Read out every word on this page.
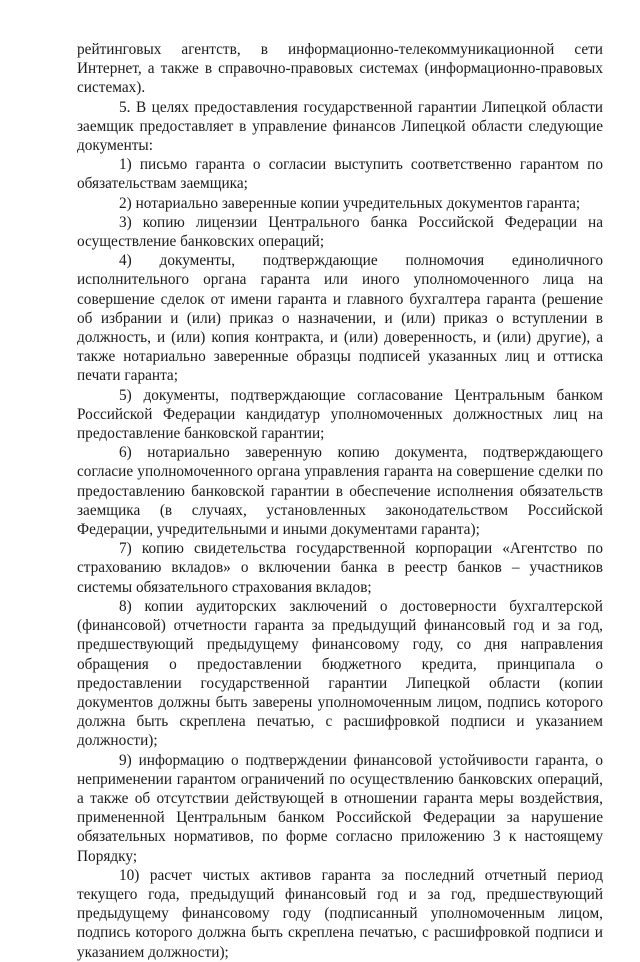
рейтинговых агентств, в информационно-телекоммуникационной сети Интернет, а также в справочно-правовых системах (информационно-правовых системах).

5. В целях предоставления государственной гарантии Липецкой области заемщик предоставляет в управление финансов Липецкой области следующие документы:

1) письмо гаранта о согласии выступить соответственно гарантом по обязательствам заемщика;

2) нотариально заверенные копии учредительных документов гаранта;

3) копию лицензии Центрального банка Российской Федерации на осуществление банковских операций;

4) документы, подтверждающие полномочия единоличного исполнительного органа гаранта или иного уполномоченного лица на совершение сделок от имени гаранта и главного бухгалтера гаранта (решение об избрании и (или) приказ о назначении, и (или) приказ о вступлении в должность, и (или) копия контракта, и (или) доверенность, и (или) другие), а также нотариально заверенные образцы подписей указанных лиц и оттиска печати гаранта;

5) документы, подтверждающие согласование Центральным банком Российской Федерации кандидатур уполномоченных должностных лиц на предоставление банковской гарантии;

6) нотариально заверенную копию документа, подтверждающего согласие уполномоченного органа управления гаранта на совершение сделки по предоставлению банковской гарантии в обеспечение исполнения обязательств заемщика (в случаях, установленных законодательством Российской Федерации, учредительными и иными документами гаранта);

7) копию свидетельства государственной корпорации «Агентство по страхованию вкладов» о включении банка в реестр банков – участников системы обязательного страхования вкладов;

8) копии аудиторских заключений о достоверности бухгалтерской (финансовой) отчетности гаранта за предыдущий финансовый год и за год, предшествующий предыдущему финансовому году, со дня направления обращения о предоставлении бюджетного кредита, принципала о предоставлении государственной гарантии Липецкой области (копии документов должны быть заверены уполномоченным лицом, подпись которого должна быть скреплена печатью, с расшифровкой подписи и указанием должности);

9) информацию о подтверждении финансовой устойчивости гаранта, о неприменении гарантом ограничений по осуществлению банковских операций, а также об отсутствии действующей в отношении гаранта меры воздействия, примененной Центральным банком Российской Федерации за нарушение обязательных нормативов, по форме согласно приложению 3 к настоящему Порядку;

10) расчет чистых активов гаранта за последний отчетный период текущего года, предыдущий финансовый год и за год, предшествующий предыдущему финансовому году (подписанный уполномоченным лицом, подпись которого должна быть скреплена печатью, с расшифровкой подписи и указанием должности);
